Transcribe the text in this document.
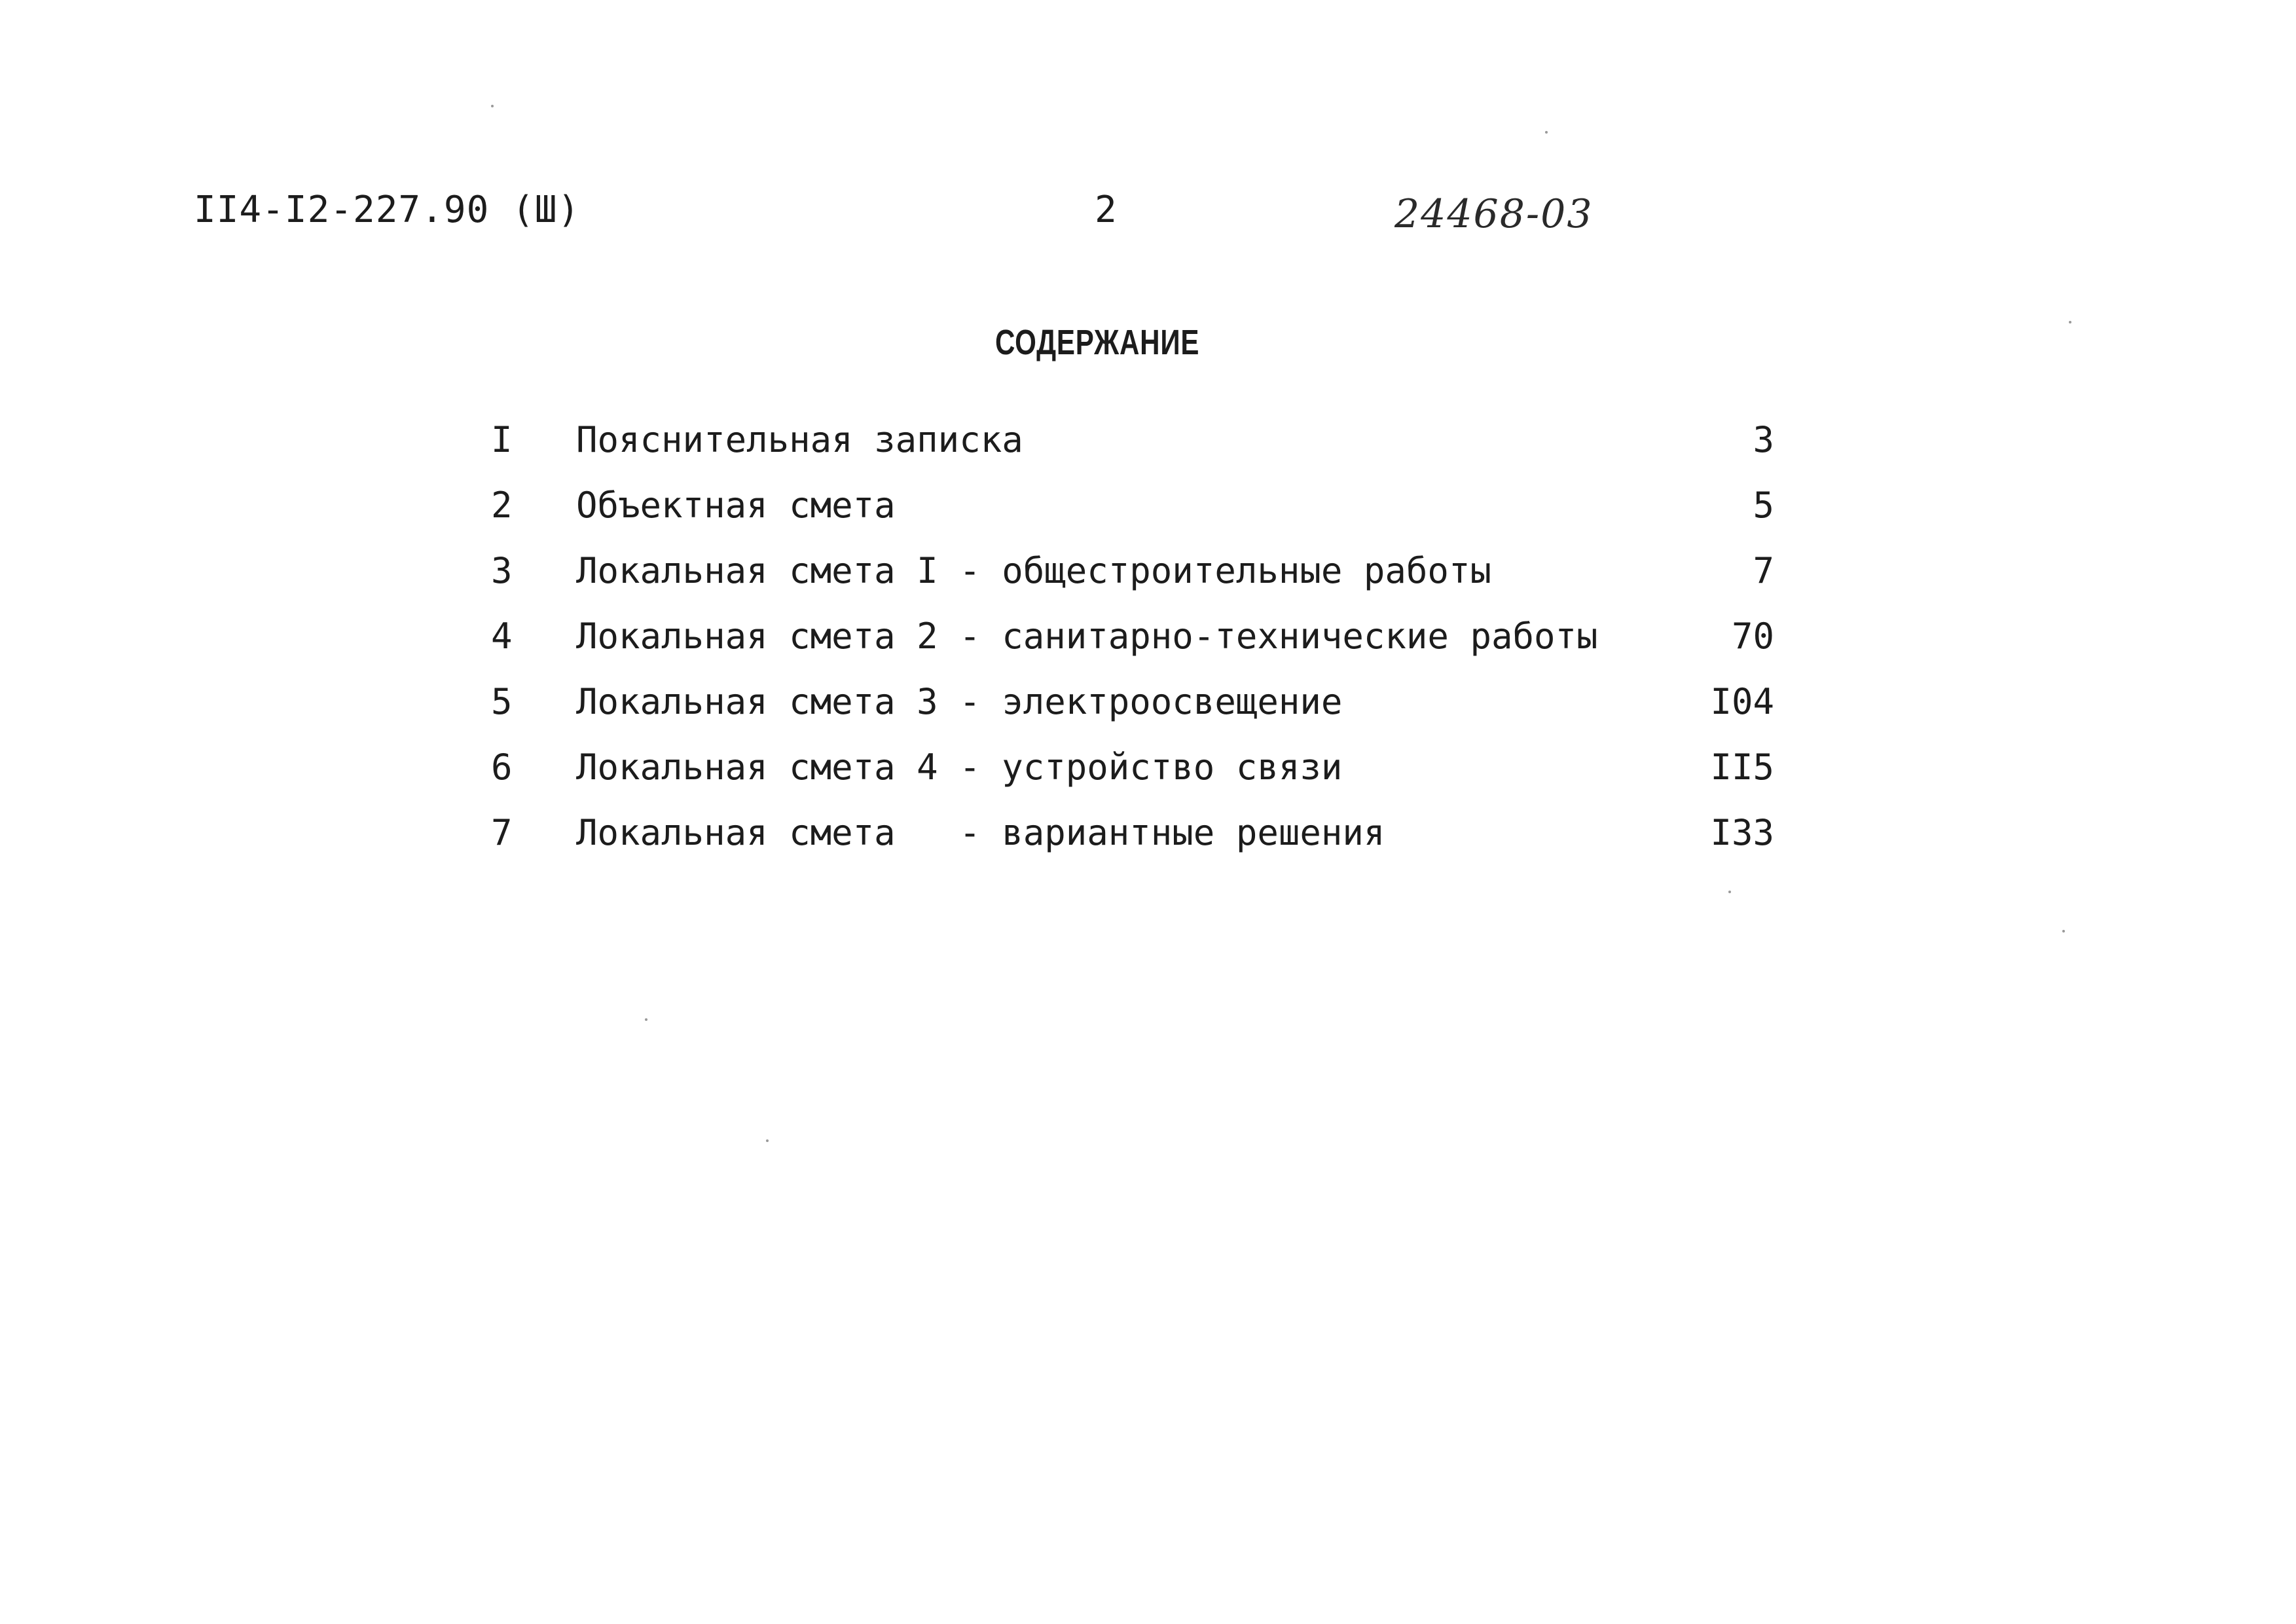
II4-I2-227.90 (Ш)	2	24468-03
СОДЕРЖАНИЕ
I Пояснительная записка	3
2 Объектная смета	5
3 Локальная смета I - общестроительные работы	7
4 Локальная смета 2 - санитарно-технические работы	70
5 Локальная смета 3 - электроосвещение	I04
6 Локальная смета 4 - устройство связи	II5
7 Локальная смета   - вариантные решения	I33
